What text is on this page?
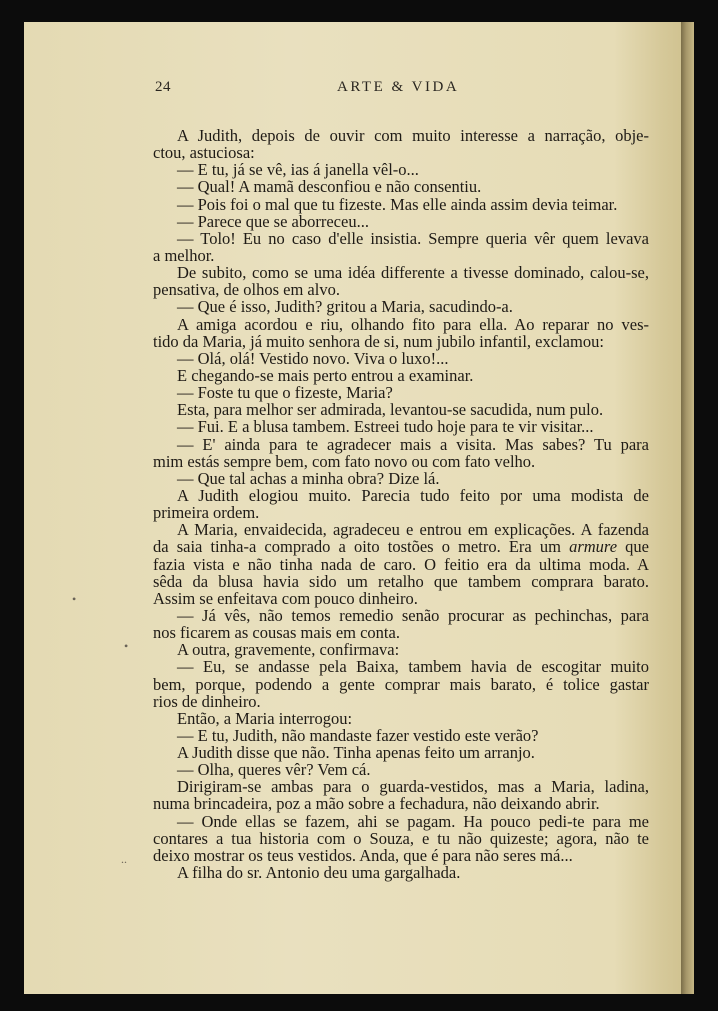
24	ARTE & VIDA
A Judith, depois de ouvir com muito interesse a narração, obje-
ctou, astuciosa:
— E tu, já se vê, ias á janella vêl-o...
— Qual! A mamã desconfiou e não consentiu.
— Pois foi o mal que tu fizeste. Mas elle ainda assim devia teimar.
— Parece que se aborreceu...
— Tolo! Eu no caso d'elle insistia. Sempre queria vêr quem levava
a melhor.
De subito, como se uma idéa differente a tivesse dominado, calou-se,
pensativa, de olhos em alvo.
— Que é isso, Judith? gritou a Maria, sacudindo-a.
A amiga acordou e riu, olhando fito para ella. Ao reparar no ves-
tido da Maria, já muito senhora de si, num jubilo infantil, exclamou:
— Olá, olá! Vestido novo. Viva o luxo!...
E chegando-se mais perto entrou a examinar.
— Foste tu que o fizeste, Maria?
Esta, para melhor ser admirada, levantou-se sacudida, num pulo.
— Fui. E a blusa tambem. Estreei tudo hoje para te vir visitar...
— E' ainda para te agradecer mais a visita. Mas sabes? Tu para
mim estás sempre bem, com fato novo ou com fato velho.
— Que tal achas a minha obra? Dize lá.
A Judith elogiou muito. Parecia tudo feito por uma modista de
primeira ordem.
A Maria, envaidecida, agradeceu e entrou em explicações. A fazenda
da saia tinha-a comprado a oito tostões o metro. Era um armure que
fazia vista e não tinha nada de caro. O feitio era da ultima moda. A
sêda da blusa havia sido um retalho que tambem comprara barato.
Assim se enfeitava com pouco dinheiro.
— Já vês, não temos remedio senão procurar as pechinchas, para
nos ficarem as cousas mais em conta.
A outra, gravemente, confirmava:
— Eu, se andasse pela Baixa, tambem havia de escogitar muito
bem, porque, podendo a gente comprar mais barato, é tolice gastar
rios de dinheiro.
Então, a Maria interrogou:
— E tu, Judith, não mandaste fazer vestido este verão?
A Judith disse que não. Tinha apenas feito um arranjo.
— Olha, queres vêr? Vem cá.
Dirigiram-se ambas para o guarda-vestidos, mas a Maria, ladina,
numa brincadeira, poz a mão sobre a fechadura, não deixando abrir.
— Onde ellas se fazem, ahi se pagam. Ha pouco pedi-te para me
contares a tua historia com o Souza, e tu não quizeste; agora, não te
deixo mostrar os teus vestidos. Anda, que é para não seres má...
A filha do sr. Antonio deu uma gargalhada.
•
•
..
